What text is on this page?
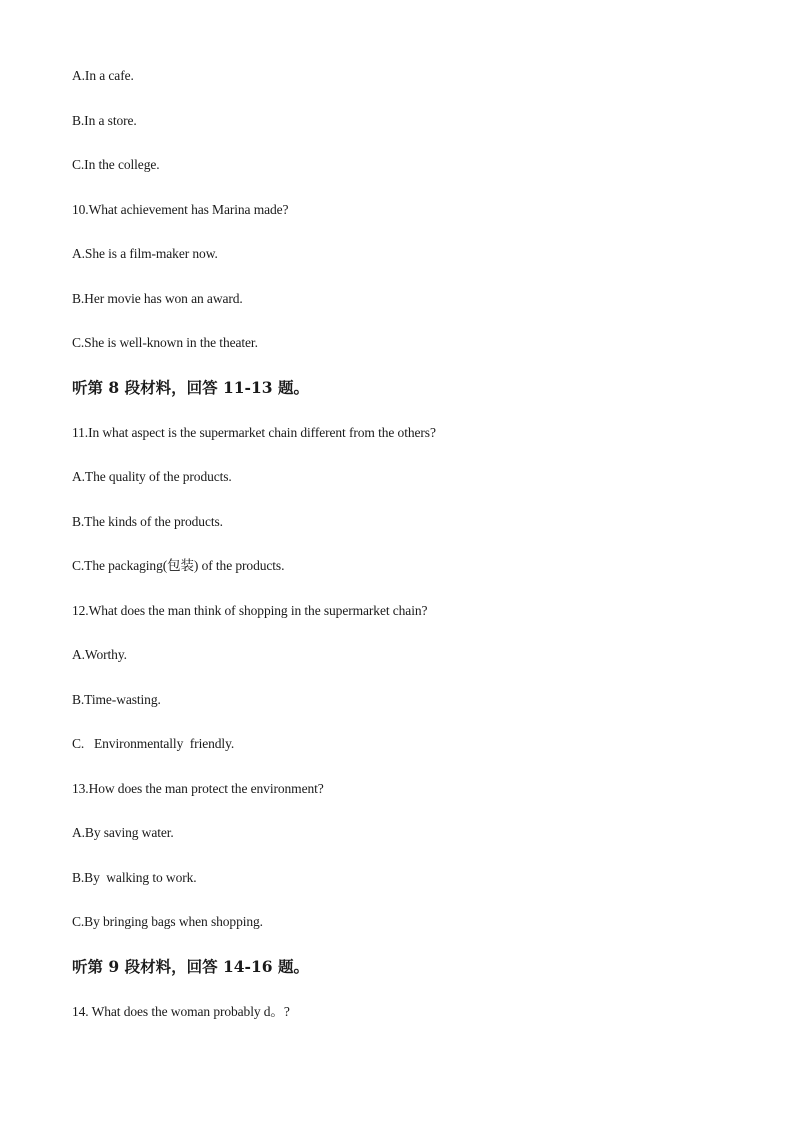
A.In a cafe.
B.In a store.
C.In the college.
10.What achievement has Marina made?
A.She is a film-maker now.
B.Her movie has won an award.
C.She is well-known in the theater.
听第 8 段材料，回答 11-13 题。
11.In what aspect is the supermarket chain different from the others?
A.The quality of the products.
B.The kinds of the products.
C.The packaging(包装) of the products.
12.What does the man think of shopping in the supermarket chain?
A.Worthy.
B.Time-wasting.
C.   Environmentally  friendly.
13.How does the man protect the environment?
A.By saving water.
B.By  walking to work.
C.By bringing bags when shopping.
听第 9 段材料，回答 14-16 题。
14. What does the woman probably d。?
